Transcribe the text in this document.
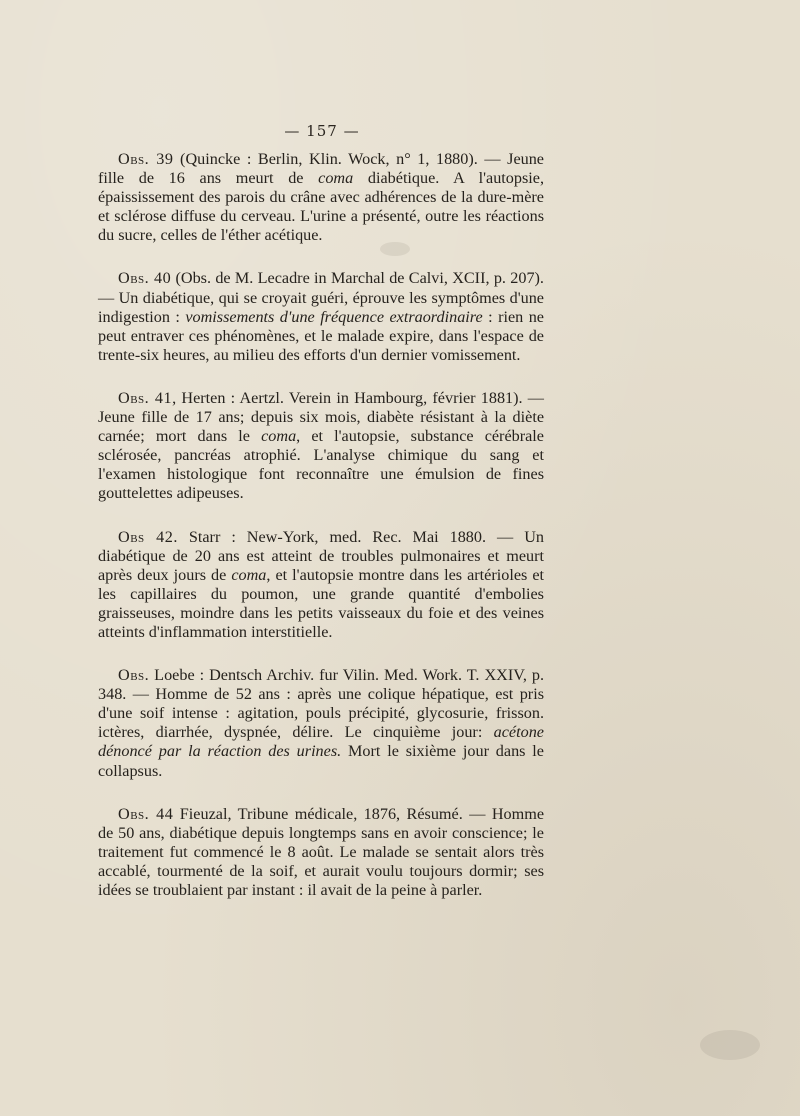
— 157 —

Obs. 39 (Quincke : Berlin, Klin. Wock, n° 1, 1880). — Jeune fille de 16 ans meurt de coma diabétique. A l'autopsie, épaississement des parois du crâne avec adhérences de la dure-mère et sclérose diffuse du cerveau. L'urine a présenté, outre les réactions du sucre, celles de l'éther acétique.

Obs. 40 (Obs. de M. Lecadre in Marchal de Calvi, XCII, p. 207). — Un diabétique, qui se croyait guéri, éprouve les symptômes d'une indigestion : vomissements d'une fréquence extraordinaire : rien ne peut entraver ces phénomènes, et le malade expire, dans l'espace de trente-six heures, au milieu des efforts d'un dernier vomissement.

Obs. 41, Herten : Aertzl. Verein in Hambourg, février 1881). — Jeune fille de 17 ans; depuis six mois, diabète résistant à la diète carnée; mort dans le coma, et l'autopsie, substance cérébrale sclérosée, pancréas atrophié. L'analyse chimique du sang et l'examen histologique font reconnaître une émulsion de fines gouttelettes adipeuses.

Obs 42. Starr : New-York, med. Rec. Mai 1880. — Un diabétique de 20 ans est atteint de troubles pulmonaires et meurt après deux jours de coma, et l'autopsie montre dans les artérioles et les capillaires du poumon, une grande quantité d'embolies graisseuses, moindre dans les petits vaisseaux du foie et des veines atteints d'inflammation interstitielle.

Obs. Loebe : Dentsch Archiv. fur Vilin. Med. Work. T. XXIV, p. 348. — Homme de 52 ans : après une colique hépatique, est pris d'une soif intense : agitation, pouls précipité, glycosurie, frisson. ictères, diarrhée, dyspnée, délire. Le cinquième jour: acétone dénoncé par la réaction des urines. Mort le sixième jour dans le collapsus.

Obs. 44 Fieuzal, Tribune médicale, 1876, Résumé. — Homme de 50 ans, diabétique depuis longtemps sans en avoir conscience; le traitement fut commencé le 8 août. Le malade se sentait alors très accablé, tourmenté de la soif, et aurait voulu toujours dormir; ses idées se troublaient par instant : il avait de la peine à parler.
